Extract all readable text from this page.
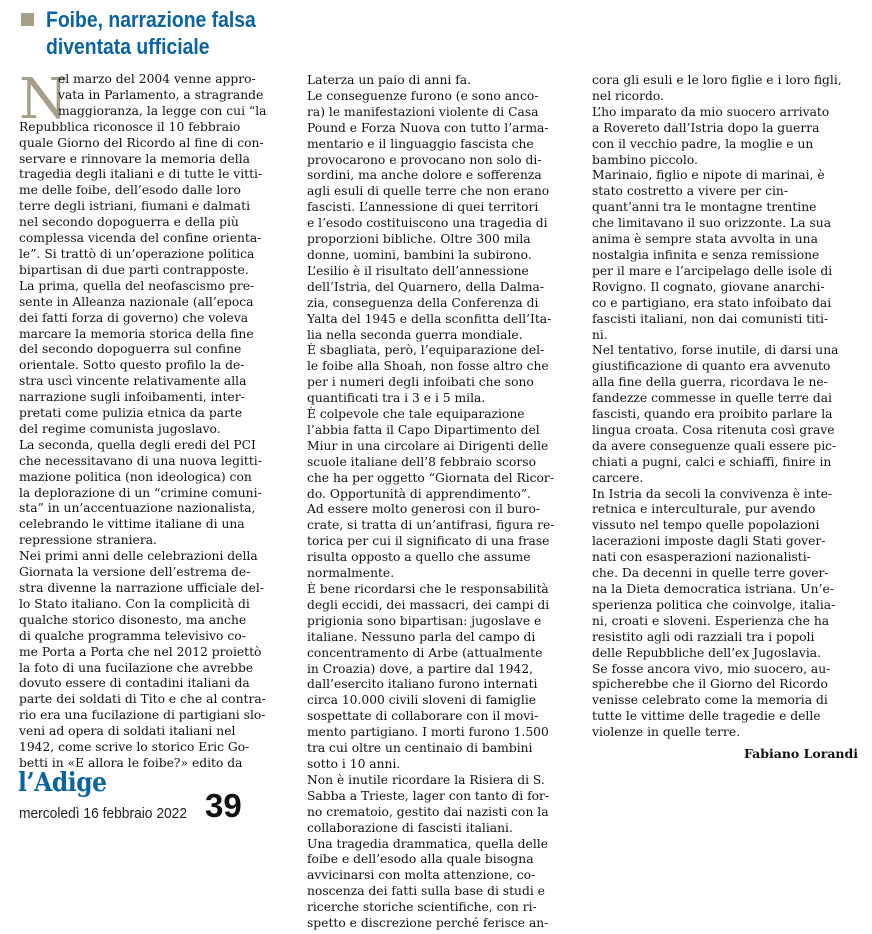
Foibe, narrazione falsa
diventata ufficiale
N

el marzo del 2004 venne appro-

vata in Parlamento, a stragrande

maggioranza, la legge con cui “la

Repubblica riconosce il 10 febbraio

quale Giorno del Ricordo al fine di con-

servare e rinnovare la memoria della

tragedia degli italiani e di tutte le vitti-

me delle foibe, dell’esodo dalle loro

terre degli istriani, fiumani e dalmati

nel secondo dopoguerra e della più

complessa vicenda del confine orienta-

le”. Si trattò di un’operazione politica

bipartisan di due parti contrapposte.

La prima, quella del neofascismo pre-

sente in Alleanza nazionale (all’epoca

dei fatti forza di governo) che voleva

marcare la memoria storica della fine

del secondo dopoguerra sul confine

orientale. Sotto questo profilo la de-

stra uscì vincente relativamente alla

narrazione sugli infoibamenti, inter-

pretati come pulizia etnica da parte

del regime comunista jugoslavo.

La seconda, quella degli eredi del PCI

che necessitavano di una nuova legitti-

mazione politica (non ideologica) con

la deplorazione di un “crimine comuni-

sta” in un’accentuazione nazionalista,

celebrando le vittime italiane di una

repressione straniera.

Nei primi anni delle celebrazioni della

Giornata la versione dell’estrema de-

stra divenne la narrazione ufficiale del-

lo Stato italiano. Con la complicità di

qualche storico disonesto, ma anche

di qualche programma televisivo co-

me Porta a Porta che nel 2012 proiettò

la foto di una fucilazione che avrebbe

dovuto essere di contadini italiani da

parte dei soldati di Tito e che al contra-

rio era una fucilazione di partigiani slo-

veni ad opera di soldati italiani nel

1942, come scrive lo storico Eric Go-

betti in «E allora le foibe?» edito da

Laterza un paio di anni fa.

Le conseguenze furono (e sono anco-

ra) le manifestazioni violente di Casa

Pound e Forza Nuova con tutto l’arma-

mentario e il linguaggio fascista che

provocarono e provocano non solo di-

sordini, ma anche dolore e sofferenza

agli esuli di quelle terre che non erano

fascisti. L’annessione di quei territori

e l’esodo costituiscono una tragedia di

proporzioni bibliche. Oltre 300 mila

donne, uomini, bambini la subirono.

L’esilio è il risultato dell’annessione

dell’Istria, del Quarnero, della Dalma-

zia, conseguenza della Conferenza di

Yalta del 1945 e della sconfitta dell’Ita-

lia nella seconda guerra mondiale.

È sbagliata, però, l’equiparazione del-

le foibe alla Shoah, non fosse altro che

per i numeri degli infoibati che sono

quantificati tra i 3 e i 5 mila.

È colpevole che tale equiparazione

l’abbia fatta il Capo Dipartimento del

Miur in una circolare ai Dirigenti delle

scuole italiane dell’8 febbraio scorso

che ha per oggetto “Giornata del Ricor-

do. Opportunità di apprendimento”.

Ad essere molto generosi con il buro-

crate, si tratta di un’antifrasi, figura re-

torica per cui il significato di una frase

risulta opposto a quello che assume

normalmente.

È bene ricordarsi che le responsabilità

degli eccidi, dei massacri, dei campi di

prigionia sono bipartisan: jugoslave e

italiane. Nessuno parla del campo di

concentramento di Arbe (attualmente

in Croazia) dove, a partire dal 1942,

dall’esercito italiano furono internati

circa 10.000 civili sloveni di famiglie

sospettate di collaborare con il movi-

mento partigiano. I morti furono 1.500

tra cui oltre un centinaio di bambini

sotto i 10 anni.

Non è inutile ricordare la Risiera di S.

Sabba a Trieste, lager con tanto di for-

no crematoio, gestito dai nazisti con la

collaborazione di fascisti italiani.

Una tragedia drammatica, quella delle

foibe e dell’esodo alla quale bisogna

avvicinarsi con molta attenzione, co-

noscenza dei fatti sulla base di studi e

ricerche storiche scientifiche, con ri-

spetto e discrezione perché ferisce an-

cora gli esuli e le loro figlie e i loro figli,

nel ricordo.

L’ho imparato da mio suocero arrivato

a Rovereto dall’Istria dopo la guerra

con il vecchio padre, la moglie e un

bambino piccolo.

Marinaio, figlio e nipote di marinai, è

stato costretto a vivere per cin-

quant’anni tra le montagne trentine

che limitavano il suo orizzonte. La sua

anima è sempre stata avvolta in una

nostalgia infinita e senza remissione

per il mare e l’arcipelago delle isole di

Rovigno. Il cognato, giovane anarchi-

co e partigiano, era stato infoibato dai

fascisti italiani, non dai comunisti titi-

ni.

Nel tentativo, forse inutile, di darsi una

giustificazione di quanto era avvenuto

alla fine della guerra, ricordava le ne-

fandezze commesse in quelle terre dai

fascisti, quando era proibito parlare la

lingua croata. Cosa ritenuta così grave

da avere conseguenze quali essere pic-

chiati a pugni, calci e schiaffi, finire in

carcere.

In Istria da secoli la convivenza è inte-

retnica e interculturale, pur avendo

vissuto nel tempo quelle popolazioni

lacerazioni imposte dagli Stati gover-

nati con esasperazioni nazionalisti-

che. Da decenni in quelle terre gover-

na la Dieta democratica istriana. Un’e-

sperienza politica che coinvolge, italia-

ni, croati e sloveni. Esperienza che ha

resistito agli odi razziali tra i popoli

delle Repubbliche dell’ex Jugoslavia.

Se fosse ancora vivo, mio suocero, au-

spicherebbe che il Giorno del Ricordo

venisse celebrato come la memoria di

tutte le vittime delle tragedie e delle

violenze in quelle terre.

Fabiano Lorandi
l’Adige
mercoledì 16 febbraio 2022 39
